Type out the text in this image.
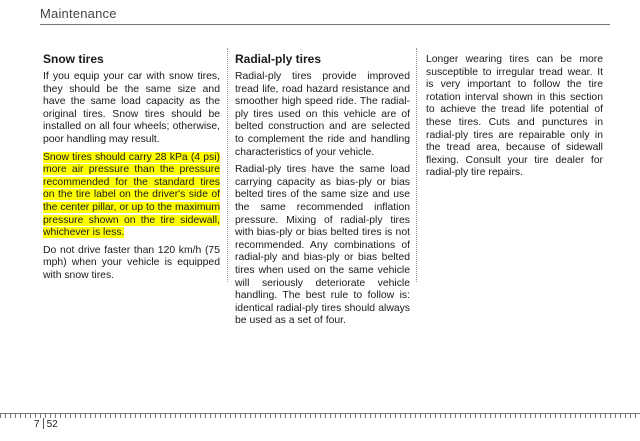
Maintenance
Snow tires

If you equip your car with snow tires, they should be the same size and have the same load capacity as the original tires. Snow tires should be installed on all four wheels; otherwise, poor handling may result.

Snow tires should carry 28 kPa (4 psi) more air pressure than the pressure recommended for the standard tires on the tire label on the driver's side of the center pillar, or up to the maximum pressure shown on the tire sidewall, whichever is less.

Do not drive faster than 120 km/h (75 mph) when your vehicle is equipped with snow tires.

Radial-ply tires

Radial-ply tires provide improved tread life, road hazard resistance and smoother high speed ride. The radial-ply tires used on this vehicle are of belted construction and are selected to complement the ride and handling characteristics of your vehicle.

Radial-ply tires have the same load carrying capacity as bias-ply or bias belted tires of the same size and use the same recommended inflation pressure. Mixing of radial-ply tires with bias-ply or bias belted tires is not recommended. Any combinations of radial-ply and bias-ply or bias belted tires when used on the same vehicle will seriously deteriorate vehicle handling. The best rule to follow is: identical radial-ply tires should always be used as a set of four.

Longer wearing tires can be more susceptible to irregular tread wear. It is very important to follow the tire rotation interval shown in this section to achieve the tread life potential of these tires. Cuts and punctures in radial-ply tires are repairable only in the tread area, because of sidewall flexing. Consult your tire dealer for radial-ply tire repairs.

7 52
